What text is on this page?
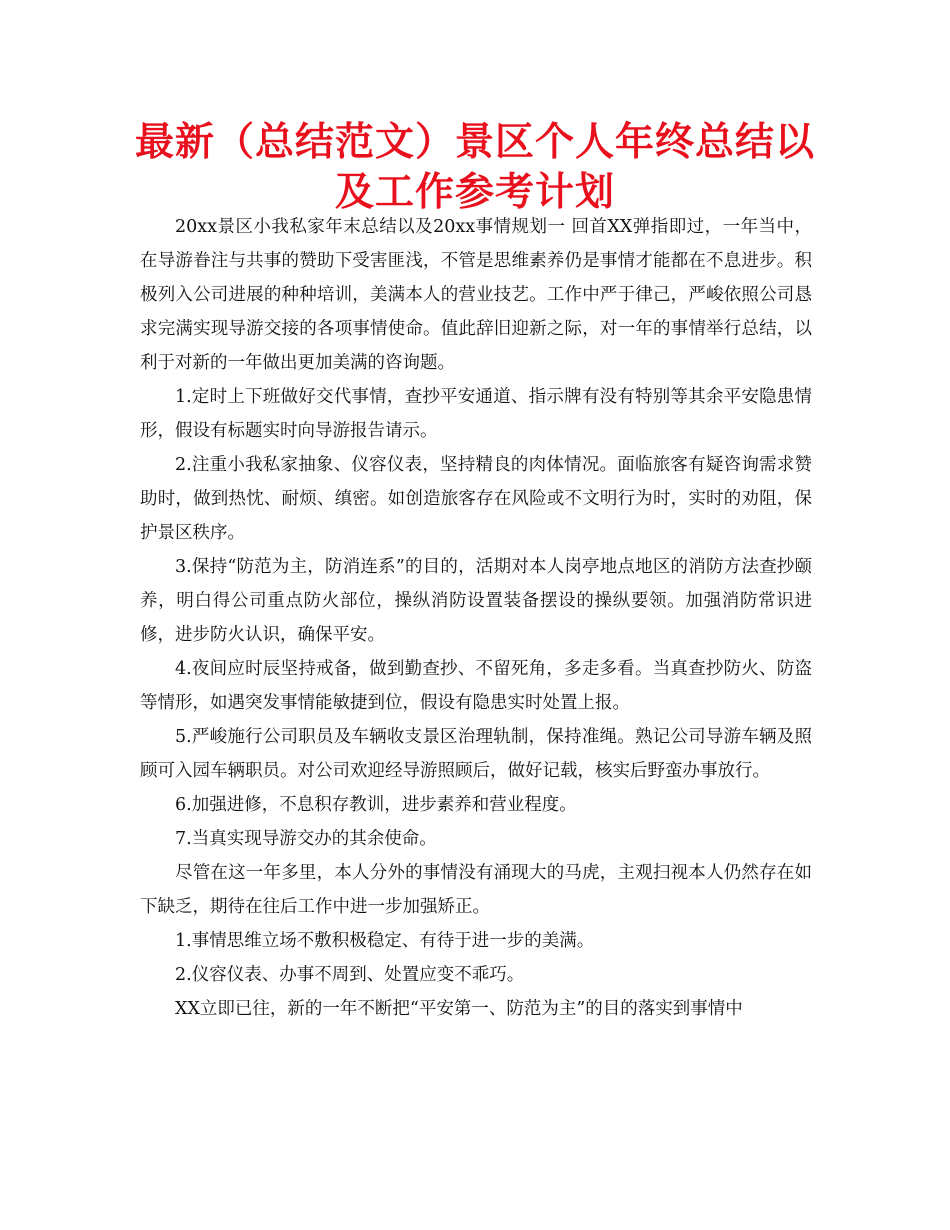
最新（总结范文）景区个人年终总结以及工作参考计划

20xx景区小我私家年末总结以及20xx事情规划一 回首XX弹指即过，一年当中，在导游眷注与共事的赞助下受害匪浅，不管是思维素养仍是事情才能都在不息进步。积极列入公司进展的种种培训，美满本人的营业技艺。工作中严于律己，严峻依照公司恳求完满实现导游交接的各项事情使命。值此辞旧迎新之际，对一年的事情举行总结，以利于对新的一年做出更加美满的咨询题。

1.定时上下班做好交代事情，查抄平安通道、指示牌有没有特别等其余平安隐患情形，假设有标题实时向导游报告请示。

2.注重小我私家抽象、仪容仪表，坚持精良的肉体情况。面临旅客有疑咨询需求赞助时，做到热忱、耐烦、缜密。如创造旅客存在风险或不文明行为时，实时的劝阻，保护景区秩序。

3.保持“防范为主，防消连系”的目的，活期对本人岗亭地点地区的消防方法查抄颐养，明白得公司重点防火部位，操纵消防设置装备摆设的操纵要领。加强消防常识进修，进步防火认识，确保平安。

4.夜间应时辰坚持戒备，做到勤查抄、不留死角，多走多看。当真查抄防火、防盗等情形，如遇突发事情能敏捷到位，假设有隐患实时处置上报。

5.严峻施行公司职员及车辆收支景区治理轨制，保持准绳。熟记公司导游车辆及照顾可入园车辆职员。对公司欢迎经导游照顾后，做好记载，核实后野蛮办事放行。

6.加强进修，不息积存教训，进步素养和营业程度。

7.当真实现导游交办的其余使命。

尽管在这一年多里，本人分外的事情没有涌现大的马虎，主观扫视本人仍然存在如下缺乏，期待在往后工作中进一步加强矫正。

1.事情思维立场不敷积极稳定、有待于进一步的美满。

2.仪容仪表、办事不周到、处置应变不乖巧。

XX立即已往，新的一年不断把“平安第一、防范为主”的目的落实到事情中
